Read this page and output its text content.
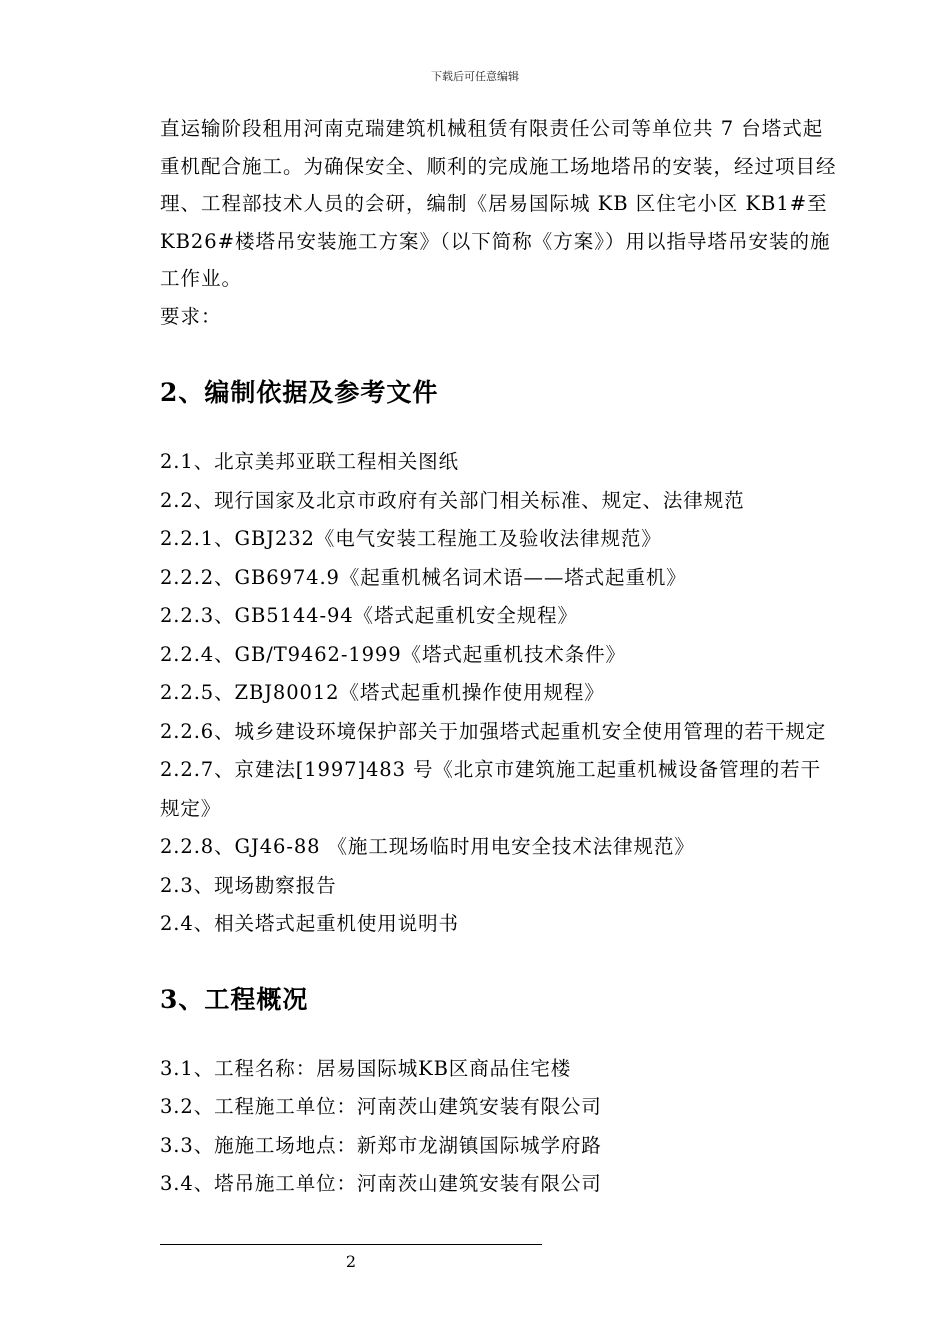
下载后可任意编辑
直运输阶段租用河南克瑞建筑机械租赁有限责任公司等单位共 7 台塔式起重机配合施工。为确保安全、顺利的完成施工场地塔吊的安装，经过项目经理、工程部技术人员的会研，编制《居易国际城 KB 区住宅小区 KB1#至 KB26#楼塔吊安装施工方案》（以下简称《方案》）用以指导塔吊安装的施工作业。
要求：
2、编制依据及参考文件
2.1、北京美邦亚联工程相关图纸
2.2、现行国家及北京市政府有关部门相关标准、规定、法律规范
2.2.1、GBJ232《电气安装工程施工及验收法律规范》
2.2.2、GB6974.9《起重机械名词术语——塔式起重机》
2.2.3、GB5144-94《塔式起重机安全规程》
2.2.4、GB/T9462-1999《塔式起重机技术条件》
2.2.5、ZBJ80012《塔式起重机操作使用规程》
2.2.6、城乡建设环境保护部关于加强塔式起重机安全使用管理的若干规定
2.2.7、京建法[1997]483 号《北京市建筑施工起重机械设备管理的若干规定》
2.2.8、GJ46-88 《施工现场临时用电安全技术法律规范》
2.3、现场勘察报告
2.4、相关塔式起重机使用说明书
3、工程概况
3.1、工程名称：居易国际城KB区商品住宅楼
3.2、工程施工单位：河南茨山建筑安装有限公司
3.3、施施工场地点：新郑市龙湖镇国际城学府路
3.4、塔吊施工单位：河南茨山建筑安装有限公司
2
